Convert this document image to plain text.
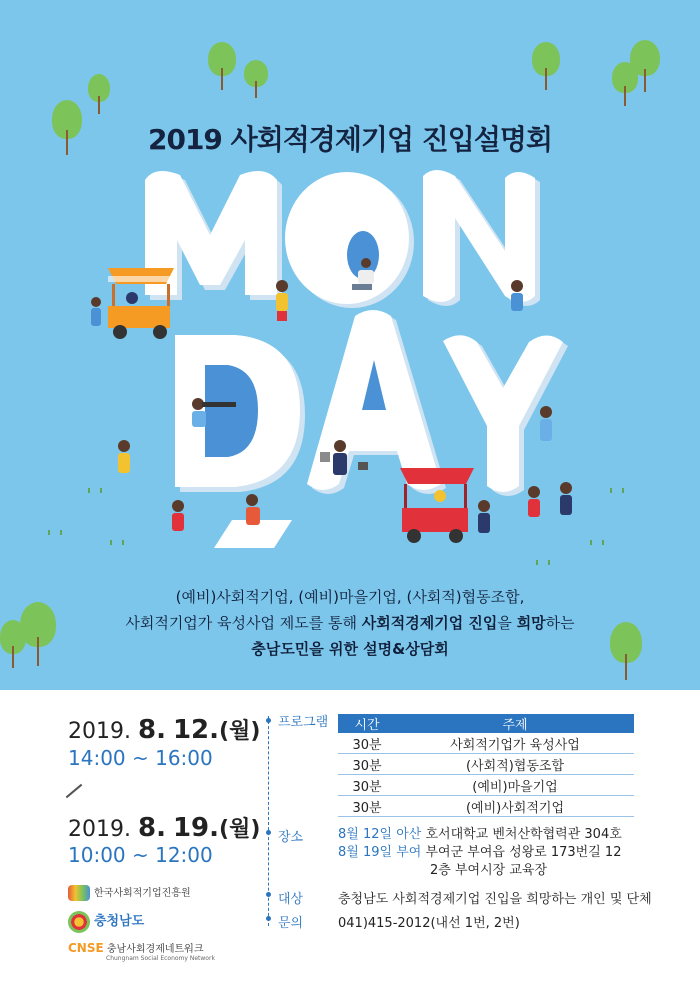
2019 사회적경제기업 진입설명회
(예비)사회적기업, (예비)마을기업, (사회적)협동조합,
사회적기업가 육성사업 제도를 통해 사회적경제기업 진입을 희망하는
충남도민을 위한 설명&상담회
2019. 8. 12.(월)
14:00 ~ 16:00
2019. 8. 19.(월)
10:00 ~ 12:00
한국사회적기업진흥원
충청남도
CNSE 충남사회경제네트워크
Chungnam Social Economy Network
프로그램 시간	주제
30분	사회적기업가 육성사업
30분	(사회적)협동조합
30분	(예비)마을기업
30분	(예비)사회적기업
장소	8월 12일 아산 호서대학교 벤처산학협력관 304호
8월 19일 부여 부여군 부여읍 성왕로 173번길 12
2층 부여시장 교육장
대상	충청남도 사회적경제기업 진입을 희망하는 개인 및 단체
문의	041)415-2012(내선 1번, 2번)
